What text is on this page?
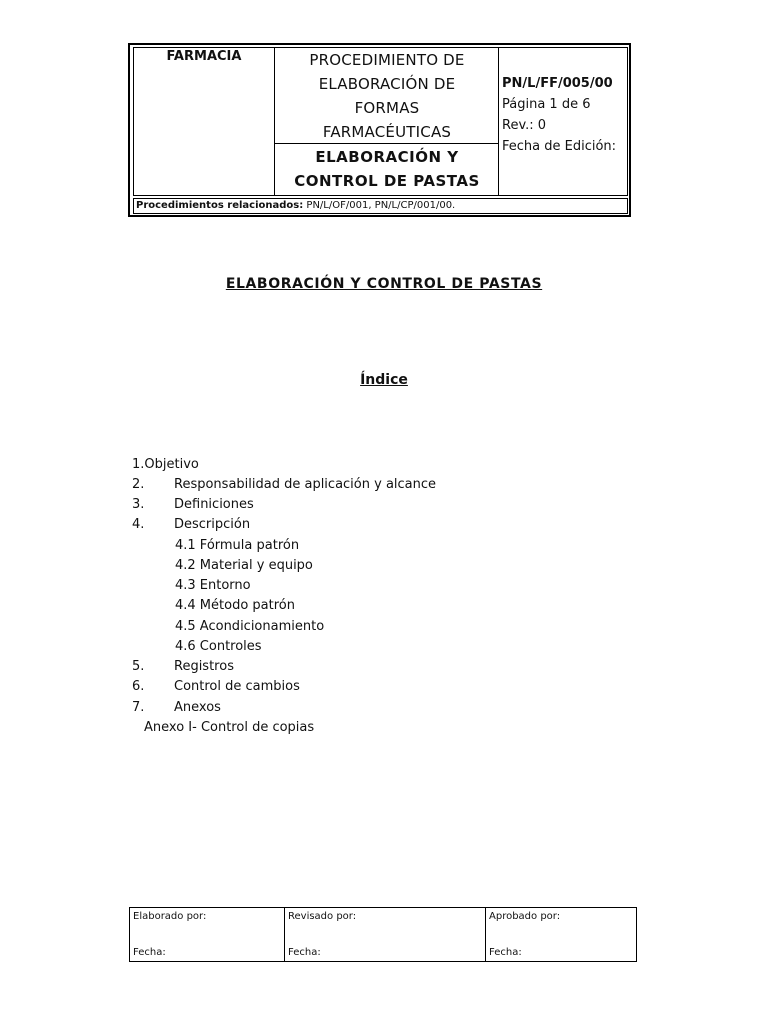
FARMACIA	PROCEDIMIENTO DE
ELABORACIÓN DE
FORMAS
FARMACÉUTICAS
ELABORACIÓN Y
CONTROL DE PASTAS
PN/L/FF/005/00
Página 1 de 6
Rev.: 0
Fecha de Edición:
Procedimientos relacionados: PN/L/OF/001, PN/L/CP/001/00.
ELABORACIÓN Y CONTROL DE PASTAS
Índice
1.Objetivo
2. Responsabilidad de aplicación y alcance
3. Definiciones
4. Descripción
4.1 Fórmula patrón
4.2 Material y equipo
4.3 Entorno
4.4 Método patrón
4.5 Acondicionamiento
4.6 Controles
5. Registros
6. Control de cambios
7. Anexos
Anexo I- Control de copias
Elaborado por:	Revisado por:	Aprobado por:
Fecha:	Fecha:	Fecha:
